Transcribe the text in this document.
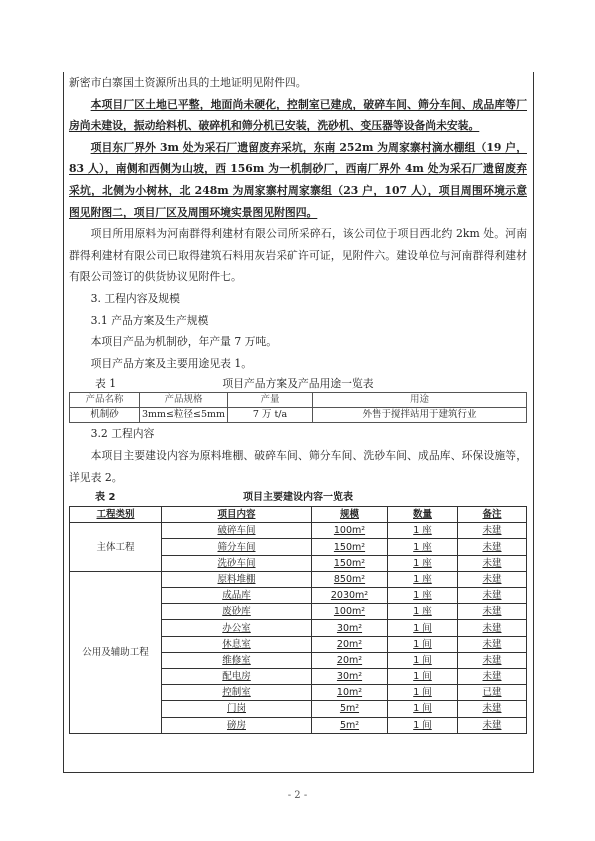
新密市白寨国土资源所出具的土地证明见附件四。

本项目厂区土地已平整，地面尚未硬化，控制室已建成，破碎车间、筛分车间、成品库等厂房尚未建设，振动给料机、破碎机和筛分机已安装，洗砂机、变压器等设备尚未安装。

项目东厂界外 3m 处为采石厂遗留废弃采坑，东南 252m 为周家寨村滴水棚组（19 户，83 人），南侧和西侧为山坡，西 156m 为一机制砂厂，西南厂界外 4m 处为采石厂遗留废弃采坑，北侧为小树林，北 248m 为周家寨村周家寨组（23 户，107 人），项目周围环境示意图见附图二，项目厂区及周围环境实景图见附图四。

项目所用原料为河南群得利建材有限公司所采碎石，该公司位于项目西北约 2km 处。河南群得利建材有限公司已取得建筑石料用灰岩采矿许可证，见附件六。建设单位与河南群得利建材有限公司签订的供货协议见附件七。

3. 工程内容及规模

3.1 产品方案及生产规模

本项目产品为机制砂，年产量 7 万吨。

项目产品方案及主要用途见表 1。

项目产品方案及产品用途一览表
表 1
产品名称	产品规格	产量	用途
机制砂	3mm≤粒径≤5mm	7 万 t/a	外售于搅拌站用于建筑行业

3.2 工程内容

本项目主要建设内容为原料堆棚、破碎车间、筛分车间、洗砂车间、成品库、环保设施等，详见表 2。

项目主要建设内容一览表
表 2
工程类别	项目内容	规模	数量	备注
主体工程	破碎车间	100m²	1 座	未建
	筛分车间	150m²	1 座	未建
	洗砂车间	150m²	1 座	未建
公用及辅助工程	原料堆棚	850m²	1 座	未建
	成品库	2030m²	1 座	未建
	废砂库	100m²	1 座	未建
	办公室	30m²	1 间	未建
	休息室	20m²	1 间	未建
	维修室	20m²	1 间	未建
	配电房	30m²	1 间	未建
	控制室	10m²	1 间	已建
	门岗	5m²	1 间	未建
	磅房	5m²	1 间	未建
- 2 -
